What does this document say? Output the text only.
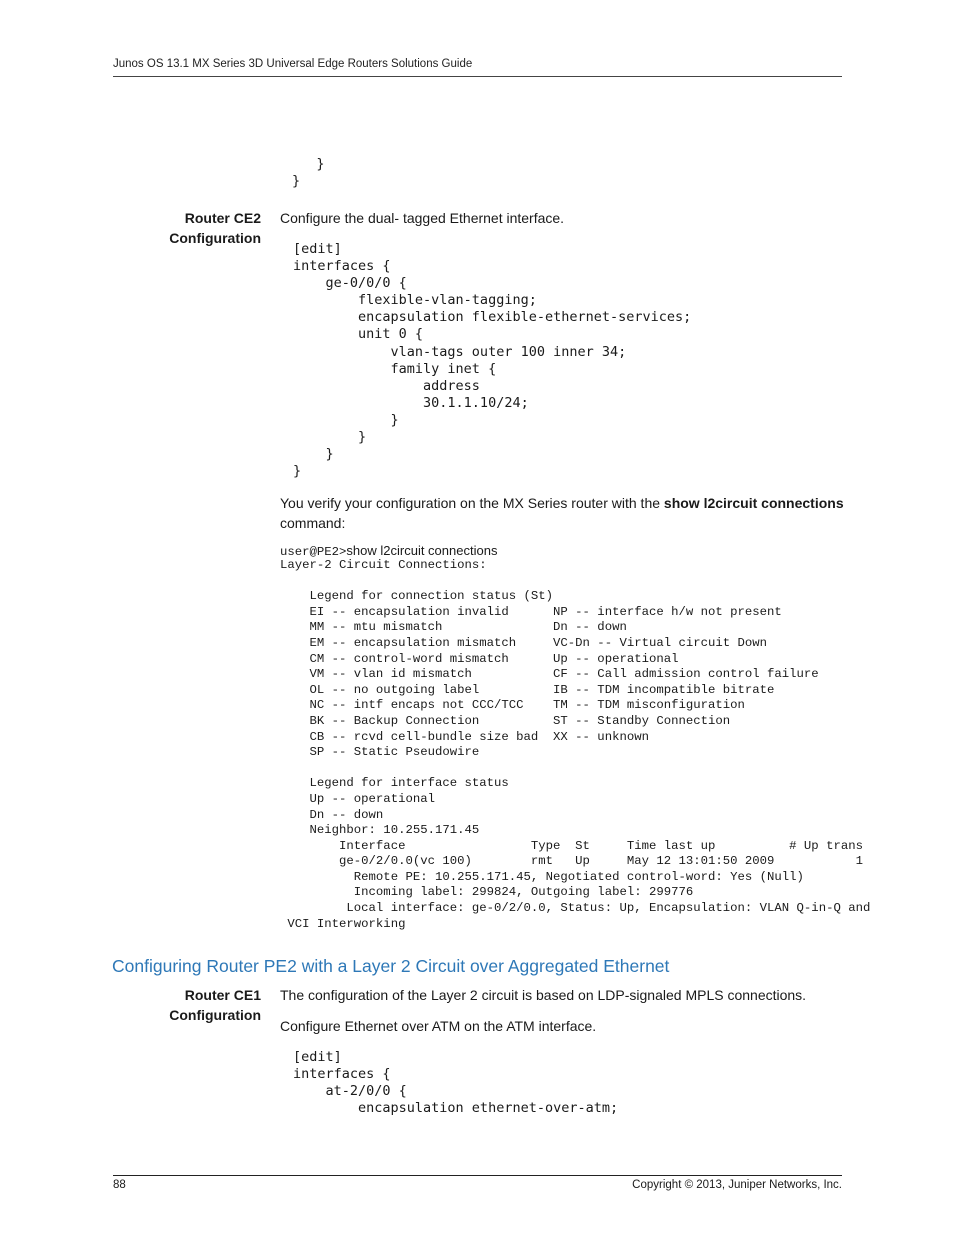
Junos OS 13.1 MX Series 3D Universal Edge Routers Solutions Guide
}
}
Router CE2
Configuration
Configure the dual- tagged Ethernet interface.
[edit]
interfaces {
ge-0/0/0 {
flexible-vlan-tagging;
encapsulation flexible-ethernet-services;
unit 0 {
vlan-tags outer 100 inner 34;
family inet {
address
30.1.1.10/24;
}
}
}
}
You verify your configuration on the MX Series router with the show l2circuit connections command:
user@PE2>show l2circuit connections
Layer-2 Circuit Connections:

Legend for connection status (St)
EI -- encapsulation invalid      NP -- interface h/w not present
MM -- mtu mismatch               Dn -- down
EM -- encapsulation mismatch     VC-Dn -- Virtual circuit Down
CM -- control-word mismatch      Up -- operational
VM -- vlan id mismatch           CF -- Call admission control failure
OL -- no outgoing label          IB -- TDM incompatible bitrate
NC -- intf encaps not CCC/TCC    TM -- TDM misconfiguration
BK -- Backup Connection          ST -- Standby Connection
CB -- rcvd cell-bundle size bad  XX -- unknown
SP -- Static Pseudowire

Legend for interface status
Up -- operational
Dn -- down
Neighbor: 10.255.171.45
Interface                 Type  St     Time last up          # Up trans
ge-0/2/0.0(vc 100)        rmt   Up     May 12 13:01:50 2009           1
Remote PE: 10.255.171.45, Negotiated control-word: Yes (Null)
Incoming label: 299824, Outgoing label: 299776
Local interface: ge-0/2/0.0, Status: Up, Encapsulation: VLAN Q-in-Q and
VCI Interworking
Configuring Router PE2 with a Layer 2 Circuit over Aggregated Ethernet
Router CE1
Configuration
The configuration of the Layer 2 circuit is based on LDP-signaled MPLS connections.
Configure Ethernet over ATM on the ATM interface.
[edit]
interfaces {
at-2/0/0 {
encapsulation ethernet-over-atm;
88	Copyright © 2013, Juniper Networks, Inc.
